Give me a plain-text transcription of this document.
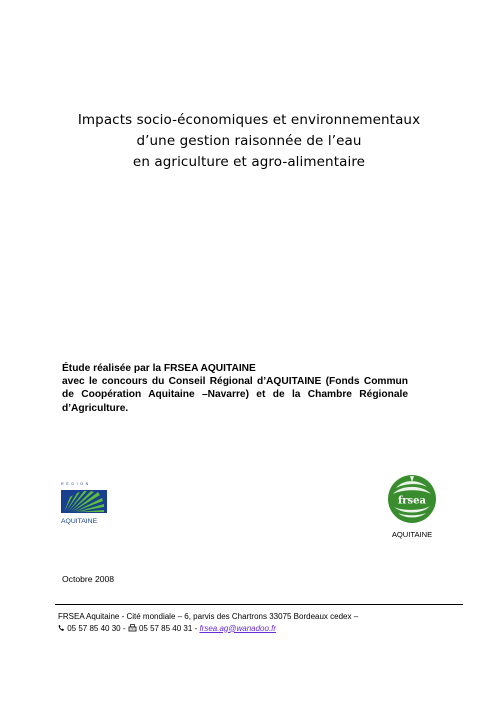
Impacts socio-économiques et environnementaux
d’une gestion raisonnée de l’eau
en agriculture et agro-alimentaire
Étude réalisée par la FRSEA AQUITAINE
avec le concours du Conseil Régional d’AQUITAINE (Fonds Commun de Coopération Aquitaine –Navarre) et de la Chambre Régionale d’Agriculture.
RÉGION
AQUITAINE
frsea
AQUITAINE
Octobre 2008
FRSEA Aquitaine - Cité mondiale – 6, parvis des Chartrons 33075 Bordeaux cedex –
05 57 85 40 30 -  05 57 85 40 31 - frsea.ag@wanadoo.fr
